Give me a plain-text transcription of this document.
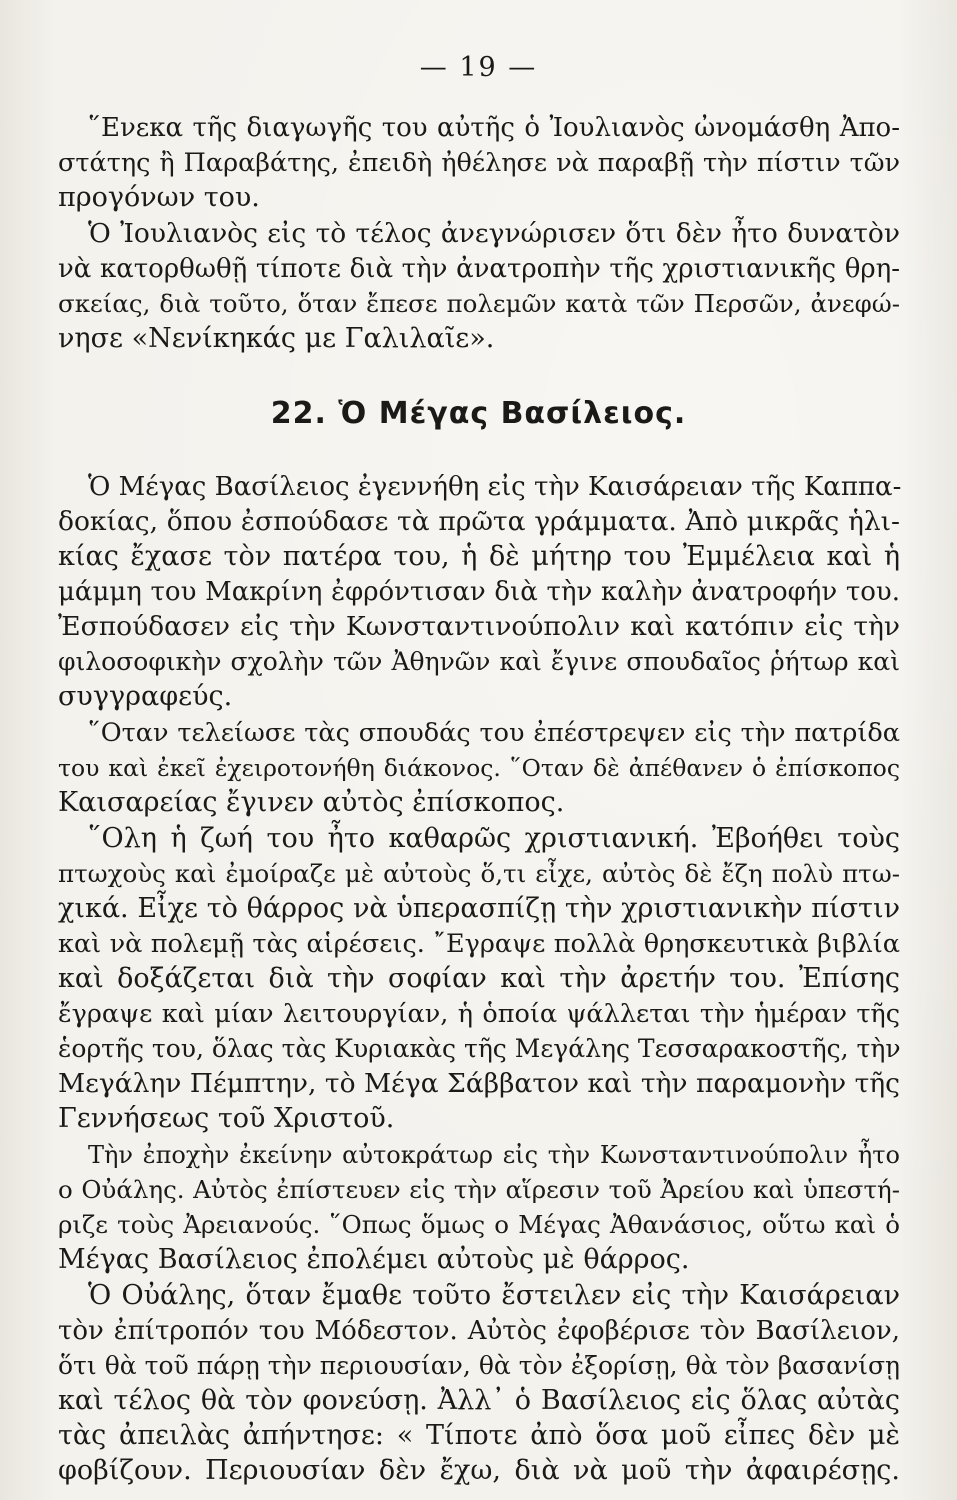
— 19 —
῞Ενεκα τῆς διαγωγῆς του αὐτῆς ὁ Ἰουλιανὸς ὠνομάσθη Ἀπο-
στάτης ἢ Παραβάτης, ἐπειδὴ ἠθέλησε νὰ παραβῇ τὴν πίστιν τῶν
προγόνων του.
Ὁ Ἰουλιανὸς εἰς τὸ τέλος ἀνεγνώρισεν ὅτι δὲν ἦτο δυνατὸν
νὰ κατορθωθῇ τίποτε διὰ τὴν ἀνατροπὴν τῆς χριστιανικῆς θρη-
σκείας, διὰ τοῦτο, ὅταν ἔπεσε πολεμῶν κατὰ τῶν Περσῶν, ἀνεφώ-
νησε «Νενίκηκάς με Γαλιλαῖε».
22. Ὁ Μέγας Βασίλειος.
Ὁ Μέγας Βασίλειος ἐγεννήθη εἰς τὴν Καισάρειαν τῆς Καππα-
δοκίας, ὅπου ἐσπούδασε τὰ πρῶτα γράμματα. Ἀπὸ μικρᾶς ἡλι-
κίας ἔχασε τὸν πατέρα του, ἡ δὲ μήτηρ του Ἐμμέλεια καὶ ἡ
μάμμη του Μακρίνη ἐφρόντισαν διὰ τὴν καλὴν ἀνατροφήν του.
Ἐσπούδασεν εἰς τὴν Κωνσταντινούπολιν καὶ κατόπιν εἰς τὴν
φιλοσοφικὴν σχολὴν τῶν Ἀθηνῶν καὶ ἔγινε σπουδαῖος ῥήτωρ καὶ
συγγραφεύς.
῞Οταν τελείωσε τὰς σπουδάς του ἐπέστρεψεν εἰς τὴν πατρίδα
του καὶ ἐκεῖ ἐχειροτονήθη διάκονος. ῞Οταν δὲ ἀπέθανεν ὁ ἐπίσκοπος
Καισαρείας ἔγινεν αὐτὸς ἐπίσκοπος.
῞Ολη ἡ ζωή του ἦτο καθαρῶς χριστιανική. Ἐβοήθει τοὺς
πτωχοὺς καὶ ἐμοίραζε μὲ αὐτοὺς ὅ,τι εἶχε, αὐτὸς δὲ ἔζη πολὺ πτω-
χικά. Εἶχε τὸ θάρρος νὰ ὑπερασπίζῃ τὴν χριστιανικὴν πίστιν
καὶ νὰ πολεμῇ τὰς αἱρέσεις. ῎Εγραψε πολλὰ θρησκευτικὰ βιβλία
καὶ δοξάζεται διὰ τὴν σοφίαν καὶ τὴν ἀρετήν του. Ἐπίσης
ἔγραψε καὶ μίαν λειτουργίαν, ἡ ὁποία ψάλλεται τὴν ἡμέραν τῆς
ἑορτῆς του, ὅλας τὰς Κυριακὰς τῆς Μεγάλης Τεσσαρακοστῆς, τὴν
Μεγάλην Πέμπτην, τὸ Μέγα Σάββατον καὶ τὴν παραμονὴν τῆς
Γεννήσεως τοῦ Χριστοῦ.
Τὴν ἐποχὴν ἐκείνην αὐτοκράτωρ εἰς τὴν Κωνσταντινούπολιν ἦτο
ο Οὐάλης. Αὐτὸς ἐπίστευεν εἰς τὴν αἵρεσιν τοῦ Ἀρείου καὶ ὑπεστή-
ριζε τοὺς Ἀρειανούς. ῞Οπως ὅμως ο Μέγας Ἀθανάσιος, οὕτω καὶ ὁ
Μέγας Βασίλειος ἐπολέμει αὐτοὺς μὲ θάρρος.
Ὁ Οὐάλης, ὅταν ἔμαθε τοῦτο ἔστειλεν εἰς τὴν Καισάρειαν
τὸν ἐπίτροπόν του Μόδεστον. Αὐτὸς ἐφοβέρισε τὸν Βασίλειον,
ὅτι θὰ τοῦ πάρῃ τὴν περιουσίαν, θὰ τὸν ἐξορίσῃ, θὰ τὸν βασανίσῃ
καὶ τέλος θὰ τὸν φονεύσῃ. Ἀλλ᾽ ὁ Βασίλειος εἰς ὅλας αὐτὰς
τὰς ἀπειλὰς ἀπήντησε: « Τίποτε ἀπὸ ὅσα μοῦ εἶπες δὲν μὲ
φοβίζουν. Περιουσίαν δὲν ἔχω, διὰ νὰ μοῦ τὴν ἀφαιρέσῃς.
